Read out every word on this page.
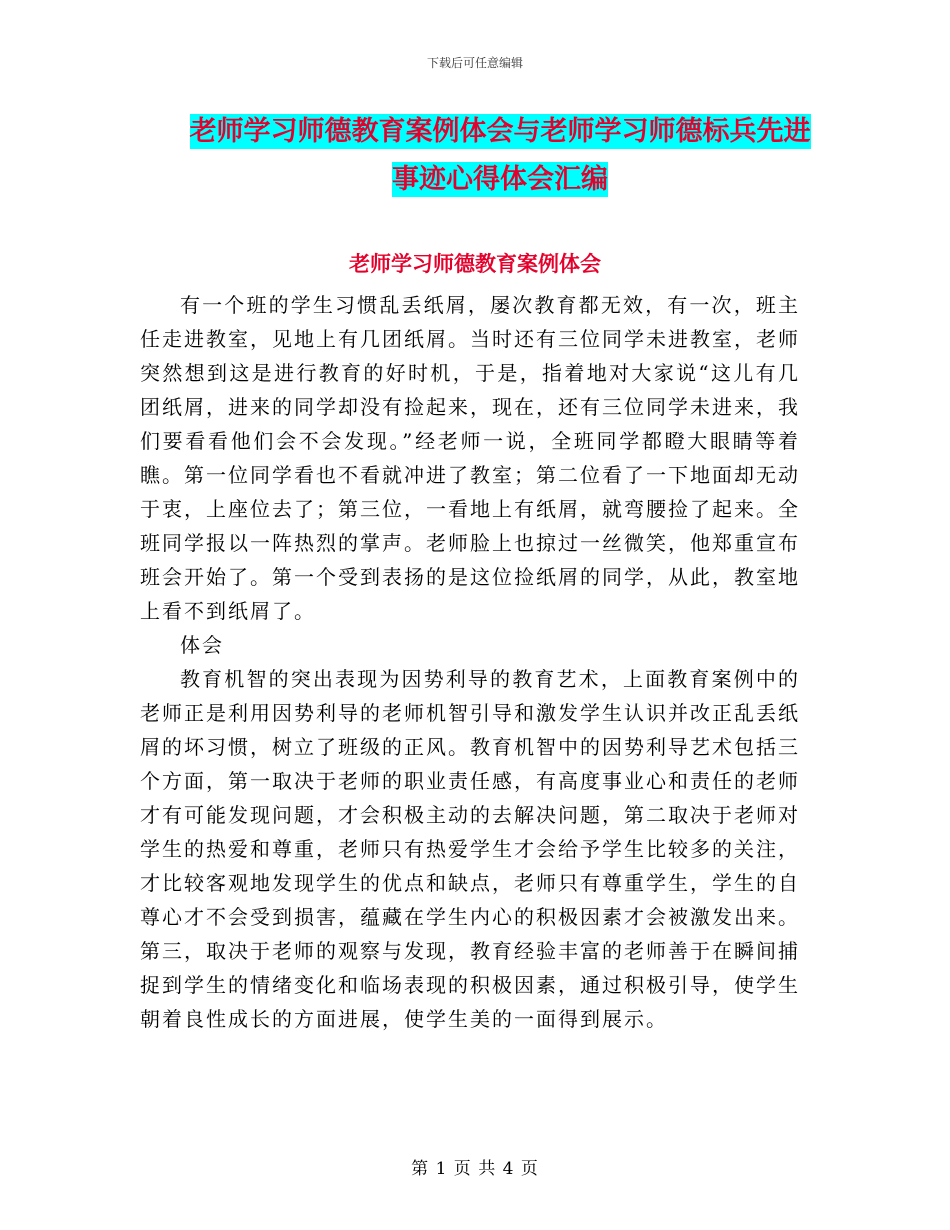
下载后可任意编辑
老师学习师德教育案例体会与老师学习师德标兵先进
事迹心得体会汇编
老师学习师德教育案例体会

有一个班的学生习惯乱丢纸屑，屡次教育都无效，有一次，班主任走进教室，见地上有几团纸屑。当时还有三位同学未进教室，老师突然想到这是进行教育的好时机，于是，指着地对大家说“这儿有几团纸屑，进来的同学却没有捡起来，现在，还有三位同学未进来，我们要看看他们会不会发现。”经老师一说，全班同学都瞪大眼睛等着瞧。第一位同学看也不看就冲进了教室；第二位看了一下地面却无动于衷，上座位去了；第三位，一看地上有纸屑，就弯腰捡了起来。全班同学报以一阵热烈的掌声。老师脸上也掠过一丝微笑，他郑重宣布班会开始了。第一个受到表扬的是这位捡纸屑的同学，从此，教室地上看不到纸屑了。

体会

教育机智的突出表现为因势利导的教育艺术，上面教育案例中的老师正是利用因势利导的老师机智引导和激发学生认识并改正乱丢纸屑的坏习惯，树立了班级的正风。教育机智中的因势利导艺术包括三个方面，第一取决于老师的职业责任感，有高度事业心和责任的老师才有可能发现问题，才会积极主动的去解决问题，第二取决于老师对学生的热爱和尊重，老师只有热爱学生才会给予学生比较多的关注，才比较客观地发现学生的优点和缺点，老师只有尊重学生，学生的自尊心才不会受到损害，蕴藏在学生内心的积极因素才会被激发出来。第三，取决于老师的观察与发现，教育经验丰富的老师善于在瞬间捕捉到学生的情绪变化和临场表现的积极因素，通过积极引导，使学生朝着良性成长的方面进展，使学生美的一面得到展示。

第 1 页 共 4 页
